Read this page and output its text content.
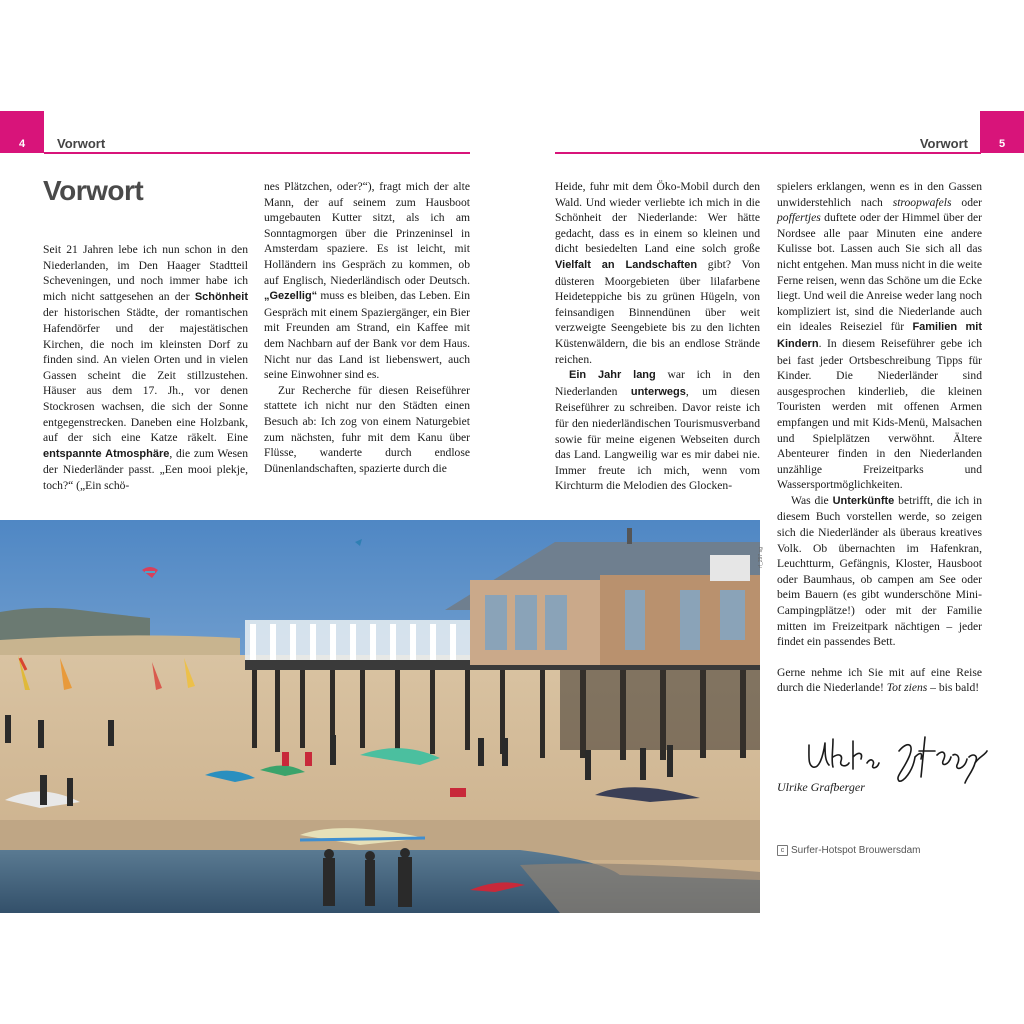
4 Vorwort	5
Vorwort
Vorwort

Seit 21 Jahren lebe ich nun schon in den Niederlanden, im Den Haager Stadtteil Scheveningen, und noch immer habe ich mich nicht sattgesehen an der Schönheit der historischen Städte, der romantischen Hafendörfer und der majestätischen Kirchen, die noch im kleinsten Dorf zu finden sind. An vielen Orten und in vielen Gassen scheint die Zeit stillzustehen. Häuser aus dem 17. Jh., vor denen Stockrosen wachsen, die sich der Sonne entgegenstrecken. Daneben eine Holzbank, auf der sich eine Katze räkelt. Eine entspannte Atmosphäre, die zum Wesen der Niederländer passt. „Een mooi plekje, toch?“ („Ein schö-

nes Plätzchen, oder?“), fragt mich der alte Mann, der auf seinem zum Hausboot umgebauten Kutter sitzt, als ich am Sonntagmorgen über die Prinzeninsel in Amsterdam spaziere. Es ist leicht, mit Holländern ins Gespräch zu kommen, ob auf Englisch, Niederländisch oder Deutsch. „Gezellig“ muss es bleiben, das Leben. Ein Gespräch mit einem Spaziergänger, ein Bier mit Freunden am Strand, ein Kaffee mit dem Nachbarn auf der Bank vor dem Haus. Nicht nur das Land ist liebenswert, auch seine Einwohner sind es.

Zur Recherche für diesen Reiseführer stattete ich nicht nur den Städten einen Besuch ab: Ich zog von einem Naturgebiet zum nächsten, fuhr mit dem Kanu über Flüsse, wanderte durch endlose Dünenlandschaften, spazierte durch die

Heide, fuhr mit dem Öko-Mobil durch den Wald. Und wieder verliebte ich mich in die Schönheit der Niederlande: Wer hätte gedacht, dass es in einem so kleinen und dicht besiedelten Land eine solch große Vielfalt an Landschaften gibt? Von düsteren Moorgebieten über lilafarbene Heideteppiche bis zu grünen Hügeln, von feinsandigen Binnendünen über weit verzweigte Seengebiete bis zu den lichten Küstenwäldern, die bis an endlose Strände reichen.

Ein Jahr lang war ich in den Niederlanden unterwegs, um diesen Reiseführer zu schreiben. Davor reiste ich für den niederländischen Tourismusverband sowie für meine eigenen Webseiten durch das Land. Langweilig war es mir dabei nie. Immer freute ich mich, wenn vom Kirchturm die Melodien des Glocken-

spielers erklangen, wenn es in den Gassen unwiderstehlich nach stroopwafels oder poffertjes duftete oder der Himmel über der Nordsee alle paar Minuten eine andere Kulisse bot. Lassen auch Sie sich all das nicht entgehen. Man muss nicht in die weite Ferne reisen, wenn das Schöne um die Ecke liegt. Und weil die Anreise weder lang noch kompliziert ist, sind die Niederlande auch ein ideales Reiseziel für Familien mit Kindern. In diesem Reiseführer gebe ich bei fast jeder Ortsbeschreibung Tipps für Kinder. Die Niederländer sind ausgesprochen kinderlieb, die kleinen Touristen werden mit offenen Armen empfangen und mit Kids-Menü, Malsachen und Spielplätzen verwöhnt. Ältere Abenteurer finden in den Niederlanden unzählige Freizeitparks und Wassersportmöglichkeiten.

Was die Unterkünfte betrifft, die ich in diesem Buch vorstellen werde, so zeigen sich die Niederländer als überaus kreatives Volk. Ob übernachten im Hafenkran, Leuchtturm, Gefängnis, Kloster, Hausboot oder Baumhaus, ob campen am See oder beim Bauern (es gibt wunderschöne Mini-Campingplätze!) oder mit der Familie mitten im Freizeitpark nächtigen – jeder findet ein passendes Bett.

Gerne nehme ich Sie mit auf eine Reise durch die Niederlande! Tot ziens – bis bald!

rf_297 sg
Ulrike Grafberger
c Surfer-Hotspot Brouwersdam
